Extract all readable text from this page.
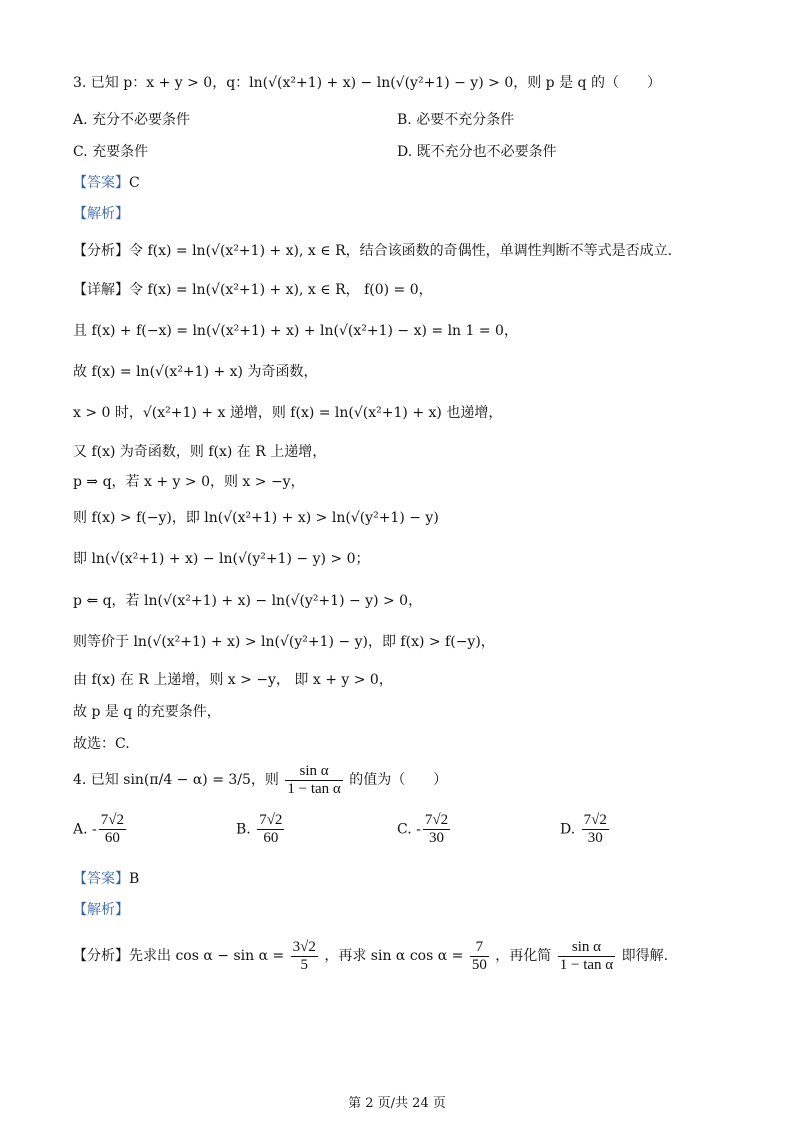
3. 已知 p：x + y > 0，q：ln(√(x²+1) + x) − ln(√(y²+1) − y) > 0，则 p 是 q 的（　　）
A. 充分不必要条件	B. 必要不充分条件
C. 充要条件	D. 既不充分也不必要条件
【答案】C
【解析】
【分析】令 f(x) = ln(√(x²+1) + x), x ∈ R，结合该函数的奇偶性，单调性判断不等式是否成立.
【详解】令 f(x) = ln(√(x²+1) + x), x ∈ R， f(0) = 0，
且 f(x) + f(−x) = ln(√(x²+1) + x) + ln(√(x²+1) − x) = ln 1 = 0，
故 f(x) = ln(√(x²+1) + x) 为奇函数，
x > 0 时，√(x²+1) + x 递增，则 f(x) = ln(√(x²+1) + x) 也递增，
又 f(x) 为奇函数，则 f(x) 在 R 上递增，
p ⇒ q，若 x + y > 0，则 x > −y，
则 f(x) > f(−y)，即 ln(√(x²+1) + x) > ln(√(y²+1) − y)
即 ln(√(x²+1) + x) − ln(√(y²+1) − y) > 0；
p ⇐ q，若 ln(√(x²+1) + x) − ln(√(y²+1) − y) > 0，
则等价于 ln(√(x²+1) + x) > ln(√(y²+1) − y)，即 f(x) > f(−y)，
由 f(x) 在 R 上递增，则 x > −y， 即 x + y > 0，
故 p 是 q 的充要条件，
故选：C.
4. 已知 sin(π/4 − α) = 3/5，则 $\frac{\text{sin α}}{\text{1 − tan α}}$ 的值为（　　）
A. - $\frac{7√2}{60}$	B. $\frac{7√2}{60}$	C. - $\frac{7√2}{30}$	D. $\frac{7√2}{30}$
【答案】B
【解析】
【分析】先求出 $\cos \alpha - \sin \alpha = \frac{3√2}{5}$ ，再求 sin α $\cos \alpha = \frac{7}{50}$ ，再化简 $\frac{\text{sin α}}{\text{1 − tan α}}$ 即得解.
第 2 页/共 24 页
